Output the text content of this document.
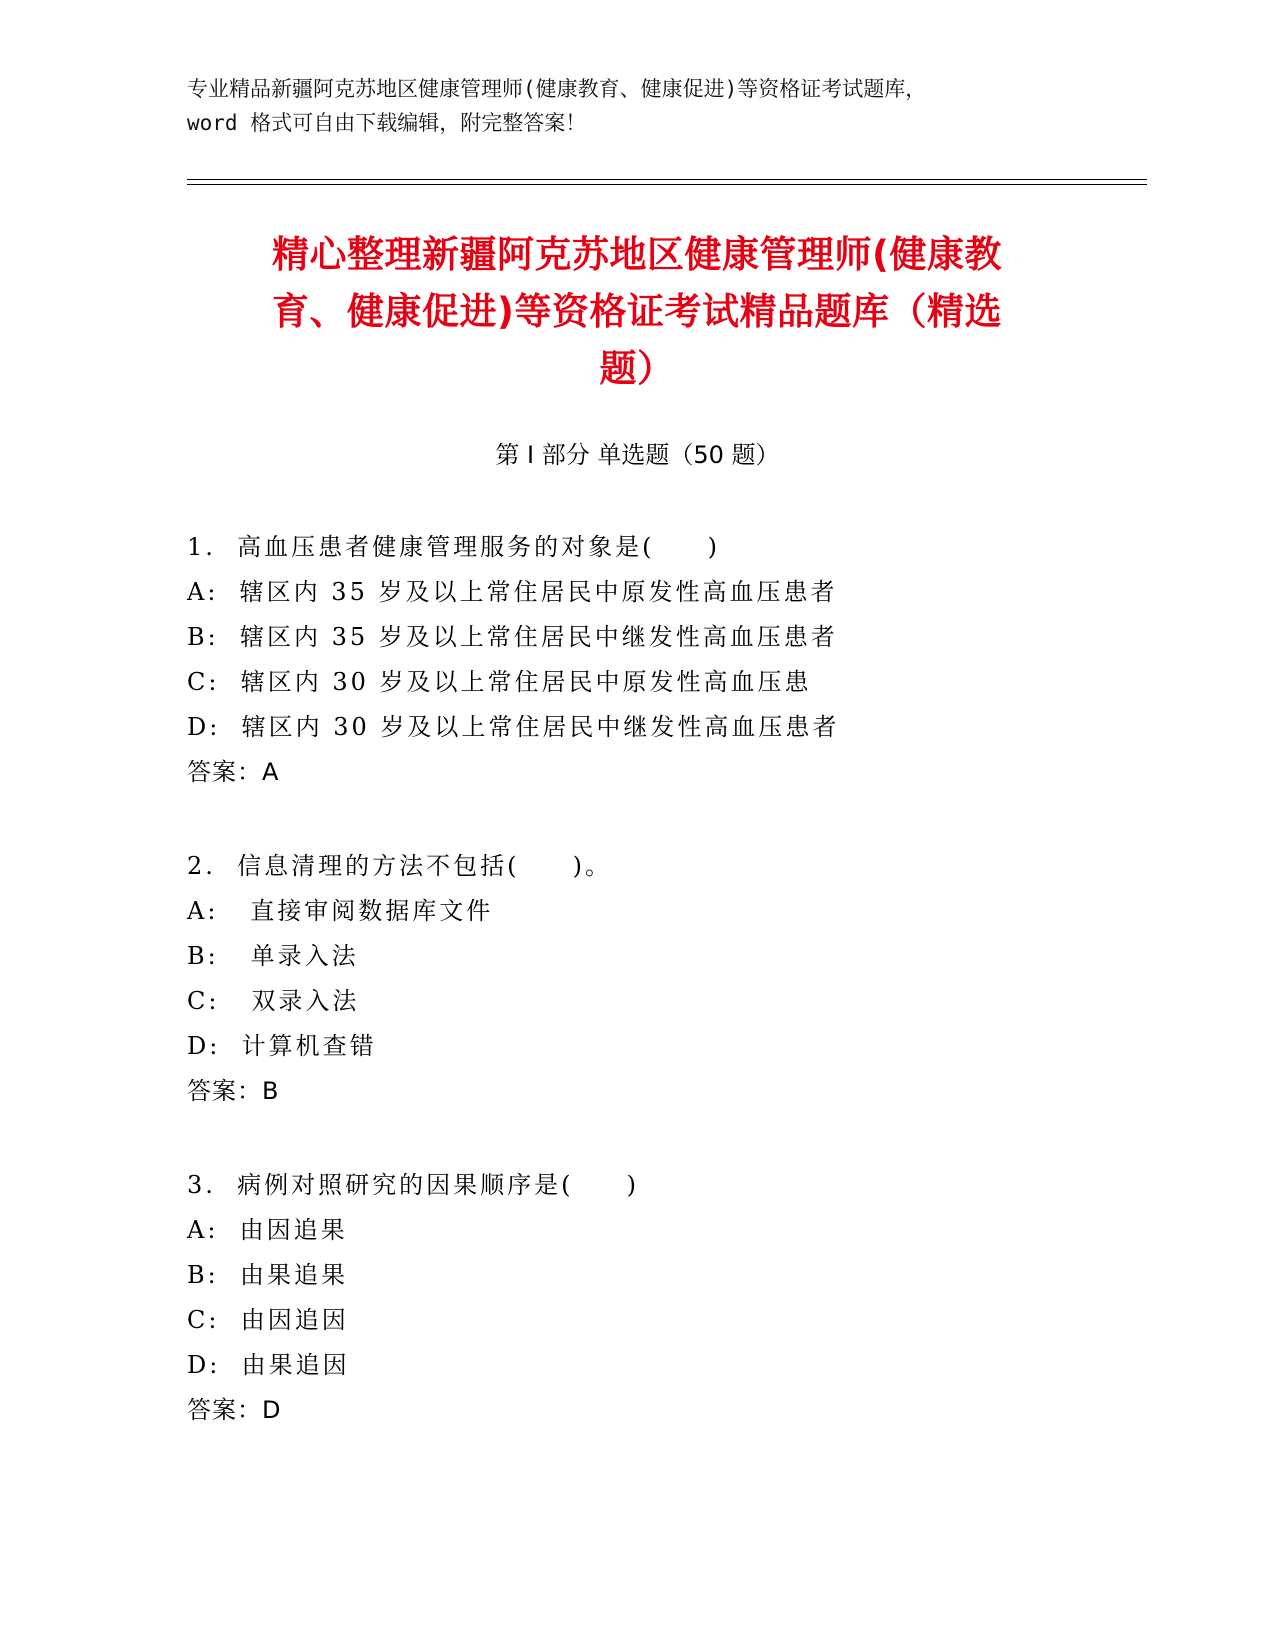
专业精品新疆阿克苏地区健康管理师(健康教育、健康促进)等资格证考试题库，
word 格式可自由下载编辑，附完整答案！
精心整理新疆阿克苏地区健康管理师(健康教
育、健康促进)等资格证考试精品题库（精选
题）
第 I 部分 单选题（50 题）
1.  高血压患者健康管理服务的对象是(     )
A:  辖区内 35 岁及以上常住居民中原发性高血压患者
B:  辖区内 35 岁及以上常住居民中继发性高血压患者
C:  辖区内 30 岁及以上常住居民中原发性高血压患
D:  辖区内 30 岁及以上常住居民中继发性高血压患者
答案：A
2.  信息清理的方法不包括(     )。
A:   直接审阅数据库文件
B:   单录入法
C:   双录入法
D:  计算机查错
答案：B
3.  病例对照研究的因果顺序是(     )
A:  由因追果
B:  由果追果
C:  由因追因
D:  由果追因
答案：D
